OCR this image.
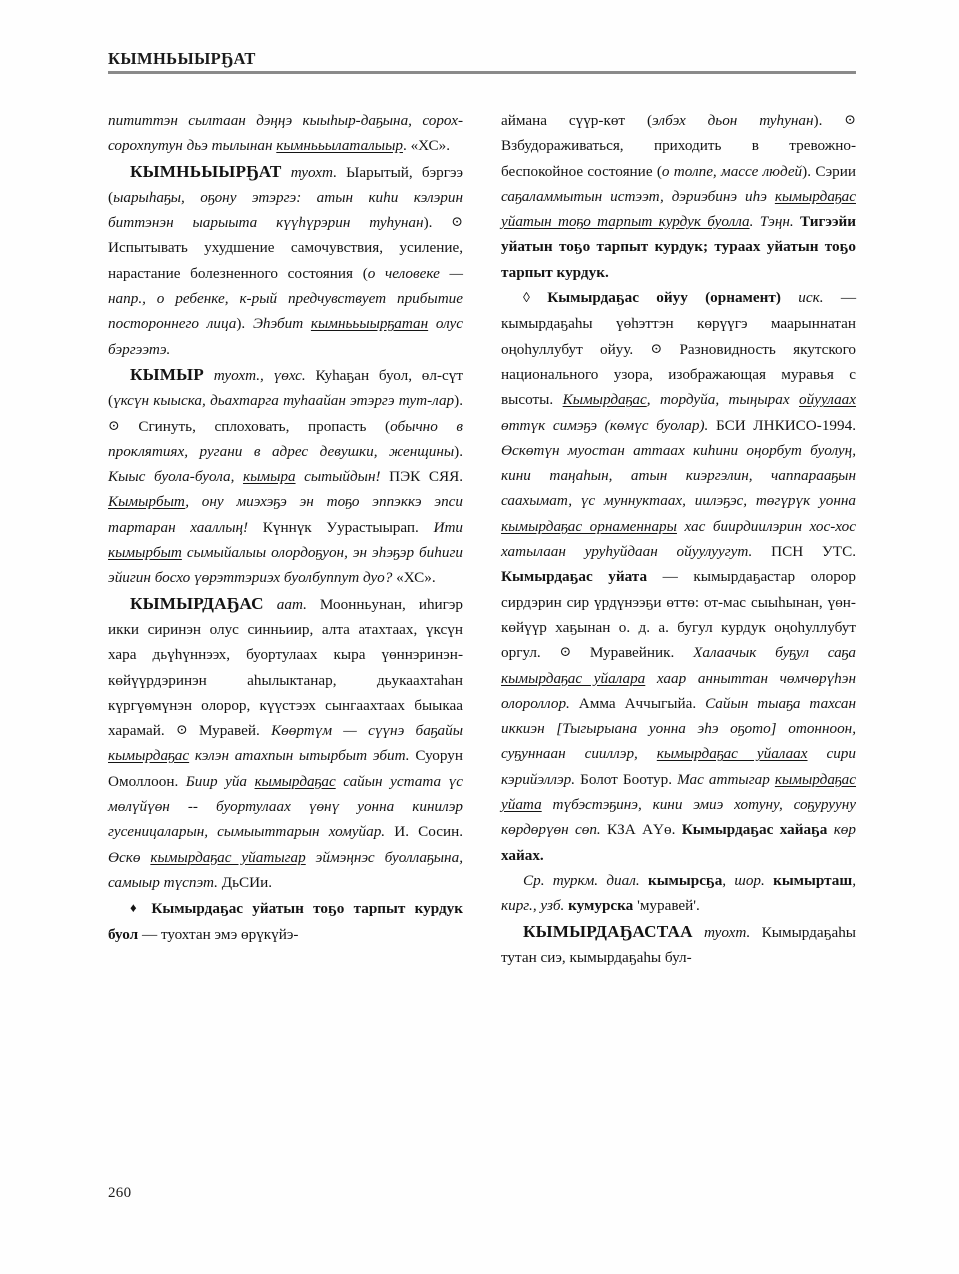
КЫМНЬЫЫРҔАТ

пититтэн сылтаан дэңңэ кыыһыр-даҕына, сорох-сорохпутун дьэ тылынан кымнььылаталыыр. «ХС».

КЫМНЬЫЫРҔАТ туохт. Ыарытый, бэргээ (ыарыһаҕы, оҕону этэргэ: атын киһи кэлэрин биттэнэн ыарыыта күүһүрэрин туһунан). ⊙ Испытывать ухудшение самочувствия, усиление, нарастание болезненного состояния (о человеке — напр., о ребенке, к-рый предчувствует прибытие постороннего лица). Эһэбит кымнььыырҕатан олус бэргээтэ.

КЫМЫР туохт., үөхс. Куһаҕан буол, өл-сүт (үксүн кыыска, дьахтарга туһаайан этэргэ тут-лар). ⊙ Сгинуть, сплоховать, пропасть (обычно в проклятиях, ругани в адрес девушки, женщины). Кыыс буола-буола, кымыра сытыйдын! ПЭК СЯЯ. Кымырбыт, ону миэхэҕэ эн тоҕо эппэккэ эпси тартаран хааллыӊ! Күннүк Уурастыырап. Ити кымырбыт сымыйалыы олордоҕуон, эн эһэҕэр биһиги эйигин босхо үөрэттэриэх буолбуппут дуо? «ХС».

КЫМЫРДАҔАС аат. Моонньунан, иһигэр икки сиринэн олус синньиир, алта атахтаах, үксүн хара дьүһүннээх, буортулаах кыра үөннэринэн-көйүүрдэринэн аһылыктанар, дьукаахтаһан күргүөмүнэн олорор, күүстээх сынгаахтаах быыкаа харамай. ⊙ Муравей. Көөртүм — сүүнэ баҕайы кымырдаҕас кэлэн атахпын ытырбыт эбит. Суорун Омоллоон. Биир уйа кымырдаҕас сайын устата үс мөлүйүөн -- буортулаах үөнү уонна кинилэр гусеницаларын, сымыыттарын хомуйар. И. Сосин. Өскө кымырдаҕас уйатыгар эймэӊнэс буоллаҕына, самыыр түспэт. ДьСИи.

♦ Кымырдаҕас уйатын тоҕо тарпыт курдук буол — туохтан эмэ өрүкүйэ-

аймана сүүр-көт (элбэх дьон туһунан). ⊙ Взбудораживаться, приходить в тревожно-беспокойное состояние (о толпе, массе людей). Сэрии саҕаламмытын истээт, дэриэбинэ иһэ кымырдаҕас уйатын тоҕо тарпыт курдук буолла. Тэңн. Тигээйи уйатын тоҕо тарпыт курдук; тураах уйатын тоҕо тарпыт курдук.

◊ Кымырдаҕас ойуу (орнамент) иск. — кымырдаҕаһы үөһэттэн көрүүгэ маарыннатан оңоһуллубут ойуу. ⊙ Разновидность якутского национального узора, изображающая муравья с высоты. Кымырдаҕас, тордуйа, тыңырах ойуулаах өттүк симэҕэ (көмүс буолар). БСИ ЛНКИСО-1994. Өскөтүн муостан аттаах киһини оңорбут буолуң, кини таңаһын, атын киэргэлин, чаппарааҕын саахымат, үс муннуктаах, иилэҕэс, төгүрүк уонна кымырдаҕас орнаменнары хас биирдиилэрин хос-хос хатылаан уруһуйдаан ойуулуугут. ПСН УТС. Кымырдаҕас уйата — кымырдаҕастар олорор сирдэрин сир үрдүнээҕи өттө: от-мас сыыһынан, үөн-көйүүр хаҕынан о. д. а. бугул курдук оңоһуллубут оргул. ⊙ Муравейник. Халаачык буҕул саҕа кымырдаҕас уйалара хаар анныттан чөмчөрүһэн олороллор. Амма Аччыгыйа. Сайын тыаҕа тахсан иккиэн [Тыгырыана уонна эһэ оҕото] отонноон, суҕуннаан сииллэр, кымырдаҕас уйалаах сири кэрийэллэр. Болот Боотур. Мас аттыгар кымырдаҕас уйата түбэстэҕинэ, кини эмиэ хотуну, соҕурууну көрдөрүөн сөп. КЗА АҮө. Кымырдаҕас хайаҕа көр хайах.

Ср. туркм. диал. кымырсҕа, шор. кымырташ, кирг., узб. кумурска 'муравей'.

КЫМЫРДАҔАСТАА туохт. Кымырдаҕаһы тутан сиэ, кымырдаҕаһы бул-

260
